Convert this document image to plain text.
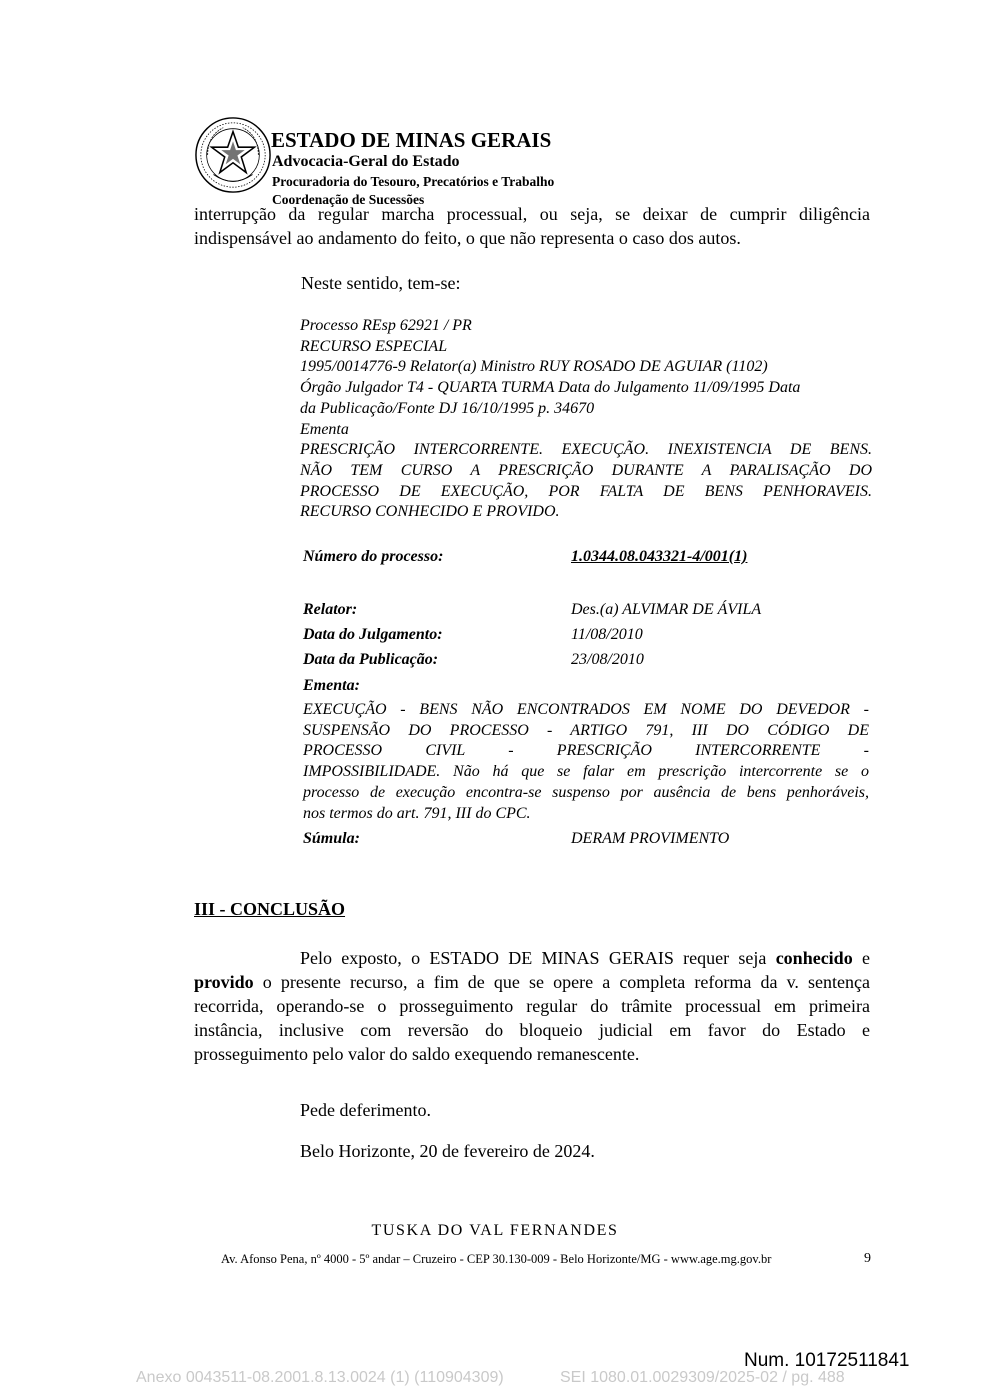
ESTADO DE MINAS GERAIS
Advocacia-Geral do Estado
Procuradoria do Tesouro, Precatórios e Trabalho
Coordenação de Sucessões
interrupção da regular marcha processual, ou seja, se deixar de cumprir diligência
indispensável ao andamento do feito, o que não representa o caso dos autos.
Neste sentido, tem-se:
Processo REsp 62921 / PR
RECURSO ESPECIAL
1995/0014776-9 Relator(a) Ministro RUY ROSADO DE AGUIAR (1102)
Órgão Julgador T4 - QUARTA TURMA Data do Julgamento 11/09/1995 Data
da Publicação/Fonte DJ 16/10/1995 p. 34670
Ementa
PRESCRIÇÃO INTERCORRENTE. EXECUÇÃO. INEXISTENCIA DE BENS.
NÃO TEM CURSO A PRESCRIÇÃO DURANTE A PARALISAÇÃO DO
PROCESSO DE EXECUÇÃO, POR FALTA DE BENS PENHORAVEIS.
RECURSO CONHECIDO E PROVIDO.
Número do processo:	1.0344.08.043321-4/001(1)
Relator:	Des.(a) ALVIMAR DE ÁVILA
Data do Julgamento:	11/08/2010
Data da Publicação:	23/08/2010
Ementa:
EXECUÇÃO - BENS NÃO ENCONTRADOS EM NOME DO DEVEDOR -
SUSPENSÃO DO PROCESSO - ARTIGO 791, III DO CÓDIGO DE
PROCESSO CIVIL - PRESCRIÇÃO INTERCORRENTE -
IMPOSSIBILIDADE. Não há que se falar em prescrição intercorrente se o
processo de execução encontra-se suspenso por ausência de bens penhoráveis,
nos termos do art. 791, III do CPC.
Súmula:	DERAM PROVIMENTO
III - CONCLUSÃO
Pelo exposto, o ESTADO DE MINAS GERAIS requer seja conhecido e
provido o presente recurso, a fim de que se opere a completa reforma da v. sentença
recorrida, operando-se o prosseguimento regular do trâmite processual em primeira
instância, inclusive com reversão do bloqueio judicial em favor do Estado e
prosseguimento pelo valor do saldo exequendo remanescente.
Pede deferimento.
Belo Horizonte, 20 de fevereiro de 2024.
TUSKA DO VAL FERNANDES
Av. Afonso Pena, nº 4000 - 5º andar – Cruzeiro - CEP 30.130-009 - Belo Horizonte/MG - www.age.mg.gov.br	9
Num. 10172511841
Anexo 0043511-08.2001.8.13.0024 (1) (110904309)	SEI 1080.01.0029309/2025-02 / pg. 488
